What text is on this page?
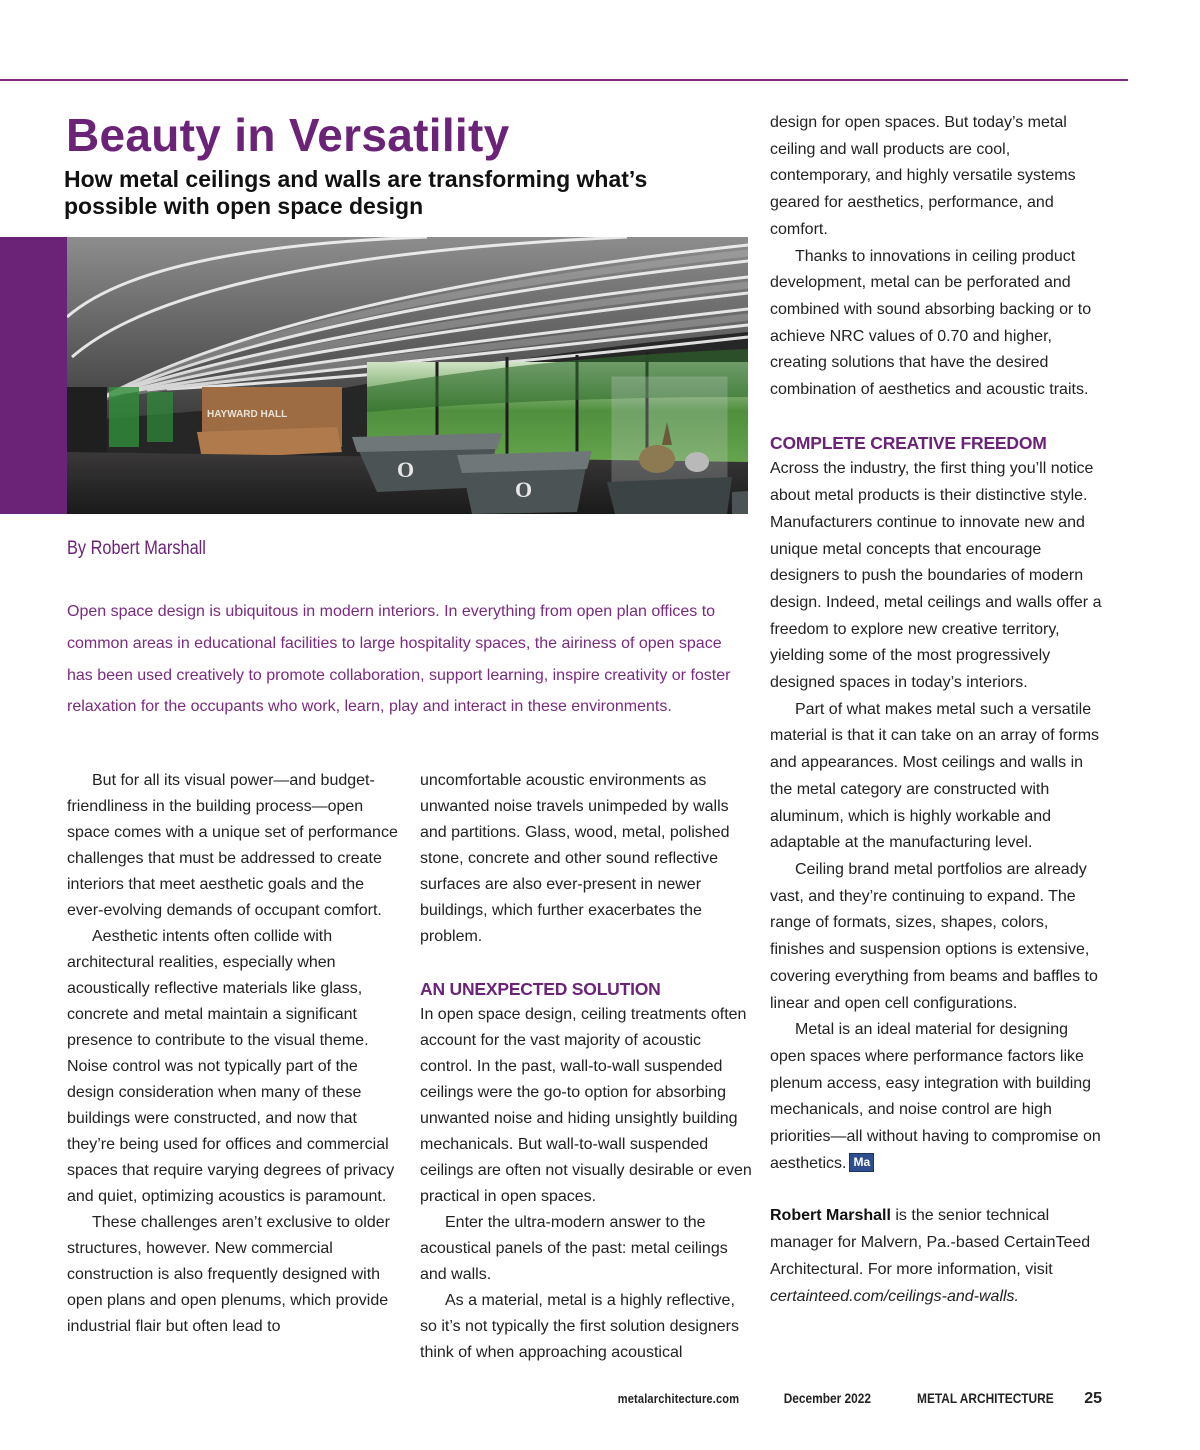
Beauty in Versatility
How metal ceilings and walls are transforming what’s possible with open space design
HAYWARD HALL
O
O

By Robert Marshall

Open space design is ubiquitous in modern interiors. In everything from open plan offices to common areas in educational facilities to large hospitality spaces, the airiness of open space has been used creatively to promote collaboration, support learning, inspire creativity or foster relaxation for the occupants who work, learn, play and interact in these environments.

But for all its visual power—and budget-friendliness in the building process—open space comes with a unique set of performance challenges that must be addressed to create interiors that meet aesthetic goals and the ever-evolving demands of occupant comfort.

Aesthetic intents often collide with architectural realities, especially when acoustically reflective materials like glass, concrete and metal maintain a significant presence to contribute to the visual theme. Noise control was not typically part of the design consideration when many of these buildings were constructed, and now that they’re being used for offices and commercial spaces that require varying degrees of privacy and quiet, optimizing acoustics is paramount.

These challenges aren’t exclusive to older structures, however. New commercial construction is also frequently designed with open plans and open plenums, which provide industrial flair but often lead to

uncomfortable acoustic environments as unwanted noise travels unimpeded by walls and partitions. Glass, wood, metal, polished stone, concrete and other sound reflective surfaces are also ever-present in newer buildings, which further exacerbates the problem.

AN UNEXPECTED SOLUTION

In open space design, ceiling treatments often account for the vast majority of acoustic control. In the past, wall-to-wall suspended ceilings were the go-to option for absorbing unwanted noise and hiding unsightly building mechanicals. But wall-to-wall suspended ceilings are often not visually desirable or even practical in open spaces.

Enter the ultra-modern answer to the acoustical panels of the past: metal ceilings and walls.

As a material, metal is a highly reflective, so it’s not typically the first solution designers think of when approaching acoustical

design for open spaces. But today’s metal ceiling and wall products are cool, contemporary, and highly versatile systems geared for aesthetics, performance, and comfort.

Thanks to innovations in ceiling product development, metal can be perforated and combined with sound absorbing backing or to achieve NRC values of 0.70 and higher, creating solutions that have the desired combination of aesthetics and acoustic traits.

COMPLETE CREATIVE FREEDOM

Across the industry, the first thing you’ll notice about metal products is their distinctive style. Manufacturers continue to innovate new and unique metal concepts that encourage designers to push the boundaries of modern design. Indeed, metal ceilings and walls offer a freedom to explore new creative territory, yielding some of the most progressively designed spaces in today’s interiors.

Part of what makes metal such a versatile material is that it can take on an array of forms and appearances. Most ceilings and walls in the metal category are constructed with aluminum, which is highly workable and adaptable at the manufacturing level.

Ceiling brand metal portfolios are already vast, and they’re continuing to expand. The range of formats, sizes, shapes, colors, finishes and suspension options is extensive, covering everything from beams and baffles to linear and open cell configurations.

Metal is an ideal material for designing open spaces where performance factors like plenum access, easy integration with building mechanicals, and noise control are high priorities—all without having to compromise on aesthetics. Ma

Robert Marshall is the senior technical manager for Malvern, Pa.-based CertainTeed Architectural. For more information, visit certainteed.com/ceilings-and-walls.

metalarchitecture.com	December 2022	METAL ARCHITECTURE 25
